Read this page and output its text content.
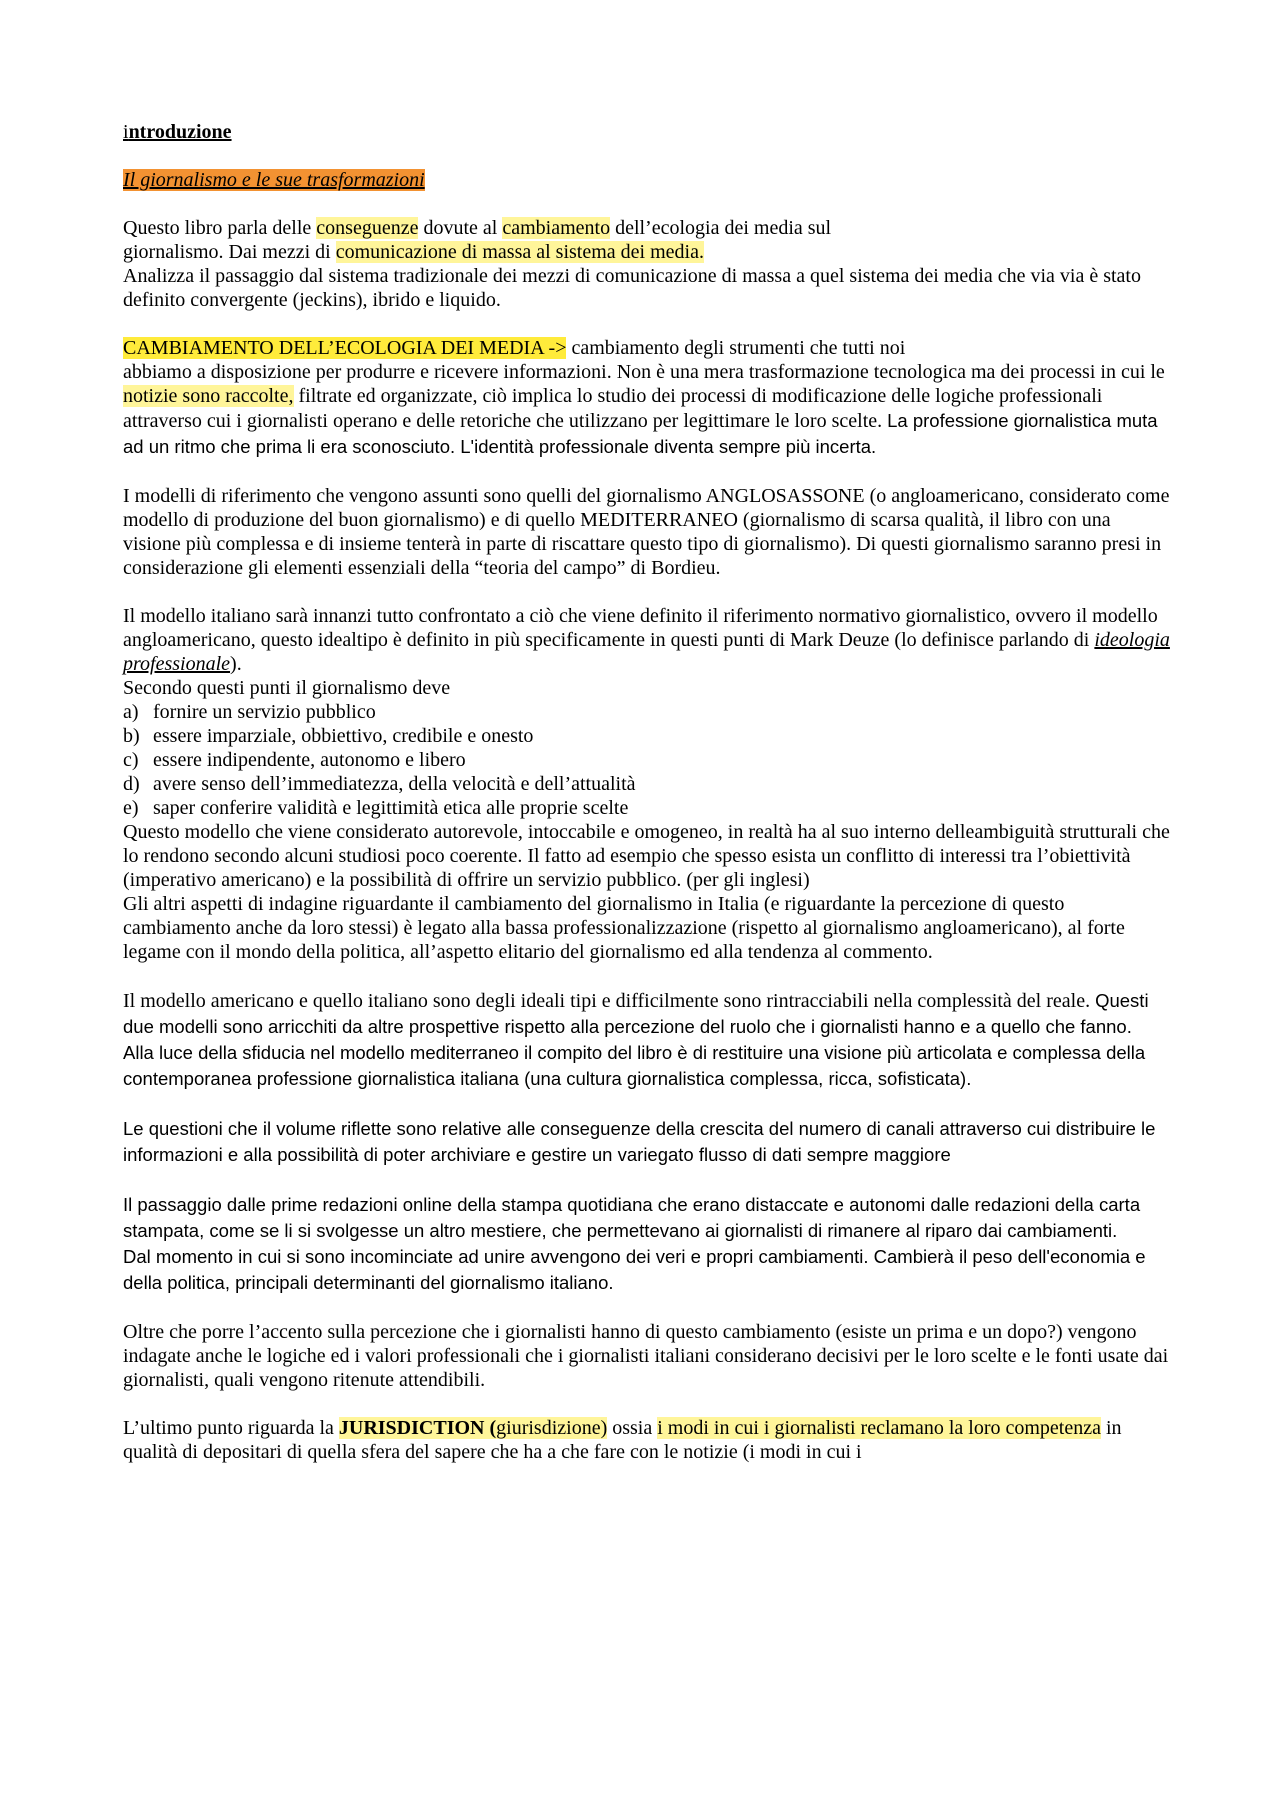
introduzione

Il giornalismo e le sue trasformazioni

Questo libro parla delle conseguenze dovute al cambiamento dell’ecologia dei media sul
giornalismo. Dai mezzi di comunicazione di massa al sistema dei media.
Analizza il passaggio dal sistema tradizionale dei mezzi di comunicazione di massa a quel sistema dei media che via via è stato definito convergente (jeckins), ibrido e liquido.

CAMBIAMENTO DELL’ECOLOGIA DEI MEDIA -> cambiamento degli strumenti che tutti noi
abbiamo a disposizione per produrre e ricevere informazioni. Non è una mera trasformazione tecnologica ma dei processi in cui le notizie sono raccolte, filtrate ed organizzate, ciò implica lo studio dei processi di modificazione delle logiche professionali attraverso cui i giornalisti operano e delle retoriche che utilizzano per legittimare le loro scelte. La professione giornalistica muta ad un ritmo che prima li era sconosciuto. L'identità professionale diventa sempre più incerta.

I modelli di riferimento che vengono assunti sono quelli del giornalismo ANGLOSASSONE (o angloamericano, considerato come modello di produzione del buon giornalismo) e di quello MEDITERRANEO (giornalismo di scarsa qualità, il libro con una visione più complessa e di insieme tenterà in parte di riscattare questo tipo di giornalismo). Di questi giornalismo saranno presi in considerazione gli elementi essenziali della “teoria del campo” di Bordieu.

Il modello italiano sarà innanzi tutto confrontato a ciò che viene definito il riferimento normativo giornalistico, ovvero il modello angloamericano, questo idealtipo è definito in più specificamente in questi punti di Mark Deuze (lo definisce parlando di ideologia professionale).
Secondo questi punti il giornalismo deve

a) fornire un servizio pubblico
b) essere imparziale, obbiettivo, credibile e onesto
c) essere indipendente, autonomo e libero
d) avere senso dell’immediatezza, della velocità e dell’attualità
e) saper conferire validità e legittimità etica alle proprie scelte

Questo modello che viene considerato autorevole, intoccabile e omogeneo, in realtà ha al suo interno delleambiguità strutturali che lo rendono secondo alcuni studiosi poco coerente. Il fatto ad esempio che spesso esista un conflitto di interessi tra l’obiettività (imperativo americano) e la possibilità di offrire un servizio pubblico. (per gli inglesi)

Gli altri aspetti di indagine riguardante il cambiamento del giornalismo in Italia (e riguardante la percezione di questo cambiamento anche da loro stessi) è legato alla bassa professionalizzazione (rispetto al giornalismo angloamericano), al forte legame con il mondo della politica, all’aspetto elitario del giornalismo ed alla tendenza al commento.

Il modello americano e quello italiano sono degli ideali tipi e difficilmente sono rintracciabili nella complessità del reale. Questi due modelli sono arricchiti da altre prospettive rispetto alla percezione del ruolo che i giornalisti hanno e a quello che fanno.

Alla luce della sfiducia nel modello mediterraneo il compito del libro è di restituire una visione più articolata e complessa della contemporanea professione giornalistica italiana (una cultura giornalistica complessa, ricca, sofisticata).

Le questioni che il volume riflette sono relative alle conseguenze della crescita del numero di canali attraverso cui distribuire le informazioni e alla possibilità di poter archiviare e gestire un variegato flusso di dati sempre maggiore

Il passaggio dalle prime redazioni online della stampa quotidiana che erano distaccate e autonomi dalle redazioni della carta stampata, come se li si svolgesse un altro mestiere, che permettevano ai giornalisti di rimanere al riparo dai cambiamenti.

Dal momento in cui si sono incominciate ad unire avvengono dei veri e propri cambiamenti. Cambierà il peso dell'economia e della politica, principali determinanti del giornalismo italiano.

Oltre che porre l’accento sulla percezione che i giornalisti hanno di questo cambiamento (esiste un prima e un dopo?) vengono indagate anche le logiche ed i valori professionali che i giornalisti italiani considerano decisivi per le loro scelte e le fonti usate dai giornalisti, quali vengono ritenute attendibili.

L’ultimo punto riguarda la JURISDICTION (giurisdizione) ossia i modi in cui i giornalisti reclamano la loro competenza in qualità di depositari di quella sfera del sapere che ha a che fare con le notizie (i modi in cui i
